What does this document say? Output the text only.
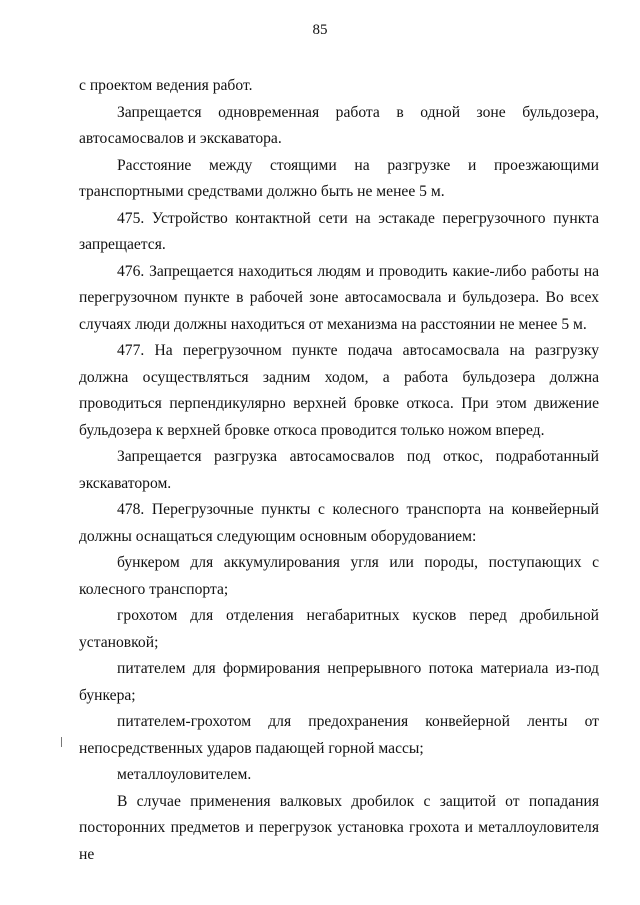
85

с проектом ведения работ.

Запрещается одновременная работа в одной зоне бульдозера, автосамосвалов и экскаватора.

Расстояние между стоящими на разгрузке и проезжающими транспортными средствами должно быть не менее 5 м.

475. Устройство контактной сети на эстакаде перегрузочного пункта запрещается.

476. Запрещается находиться людям и проводить какие-либо работы на перегрузочном пункте в рабочей зоне автосамосвала и бульдозера. Во всех случаях люди должны находиться от механизма на расстоянии не менее 5 м.

477. На перегрузочном пункте подача автосамосвала на разгрузку должна осуществляться задним ходом, а работа бульдозера должна проводиться перпендикулярно верхней бровке откоса. При этом движение бульдозера к верхней бровке откоса проводится только ножом вперед.

Запрещается разгрузка автосамосвалов под откос, подработанный экскаватором.

478. Перегрузочные пункты с колесного транспорта на конвейерный должны оснащаться следующим основным оборудованием:

бункером для аккумулирования угля или породы, поступающих с колесного транспорта;

грохотом для отделения негабаритных кусков перед дробильной установкой;

питателем для формирования непрерывного потока материала из-под бункера;

питателем-грохотом для предохранения конвейерной ленты от непосредственных ударов падающей горной массы;

металлоуловителем.

В случае применения валковых дробилок с защитой от попадания посторонних предметов и перегрузок установка грохота и металлоуловителя не
